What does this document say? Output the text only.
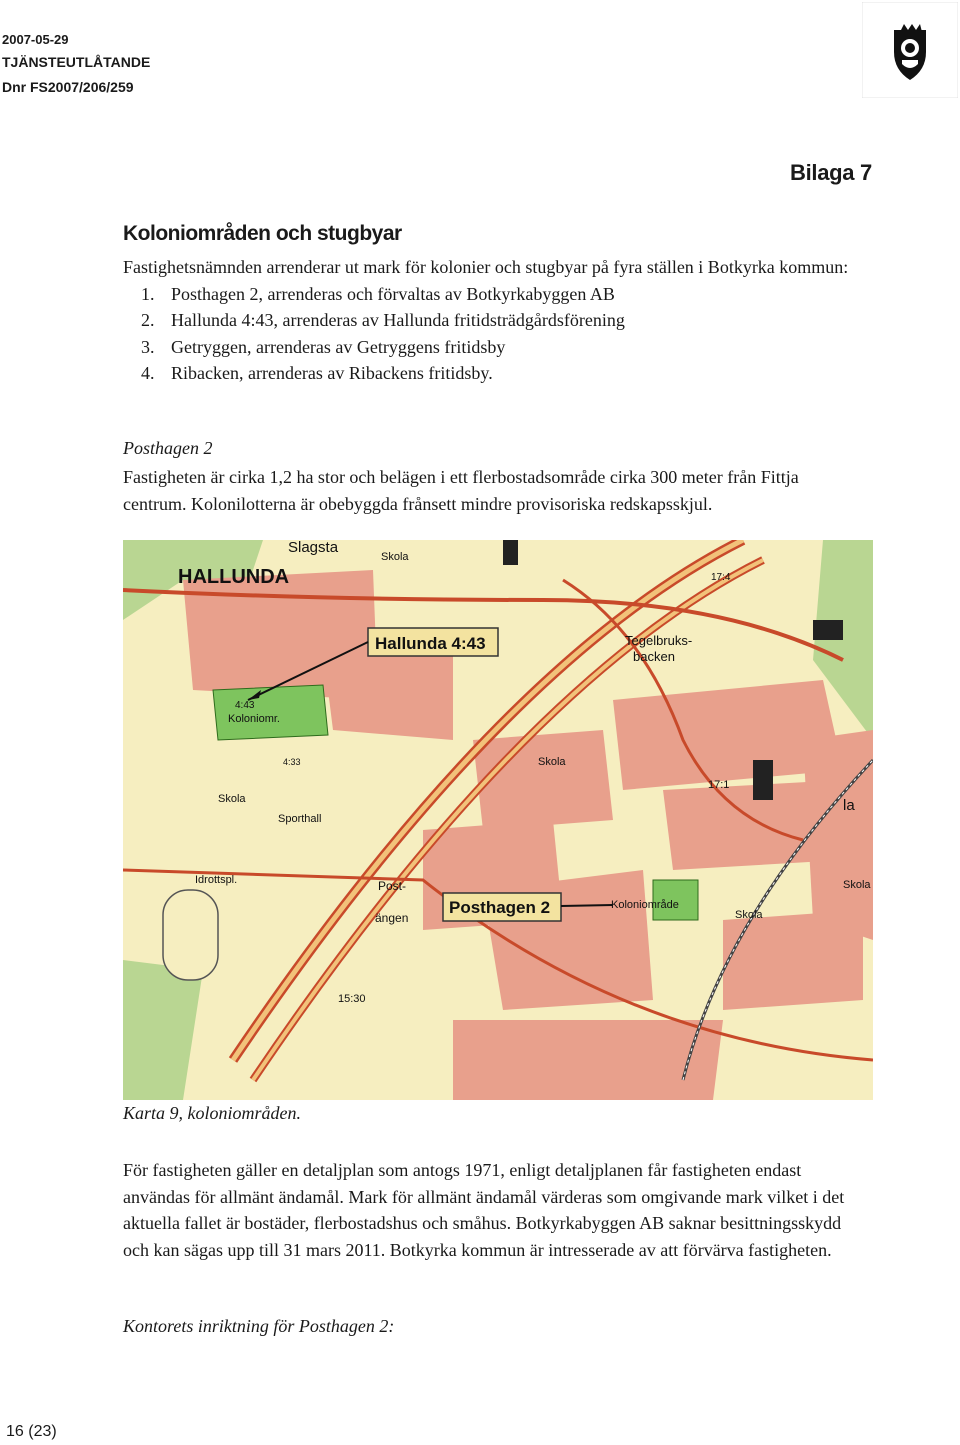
2007-05-29
TJÄNSTEUTLÅTANDE
Dnr FS2007/206/259
Bilaga 7
Koloniområden och stugbyar
Fastighetsnämnden arrenderar ut mark för kolonier och stugbyar på fyra ställen i Botkyrka kommun:
1. Posthagen 2, arrenderas och förvaltas av Botkyrkabyggen AB
2. Hallunda 4:43, arrenderas av Hallunda fritidsträdgårdsförening
3. Getryggen, arrenderas av Getryggens fritidsby
4. Ribacken, arrenderas av Ribackens fritidsby.
Posthagen 2
Fastigheten är cirka 1,2 ha stor och belägen i ett flerbostadsområde cirka 300 meter från Fittja centrum. Kolonilotterna är obebyggda frånsett mindre provisoriska redskapsskjul.
Slagsta
HALLUNDA
Skola
Hallunda 4:43	Tegelbruks-
backen
4:43
Koloniomr.
4:33
Skola
Sporthall
Skola
17:1
17:4
Idrottspl.	Post-
ängen
Posthagen 2	Koloniområde
Skola
Skola
15:30
la
Karta 9, koloniområden.
För fastigheten gäller en detaljplan som antogs 1971, enligt detaljplanen får fastigheten endast användas för allmänt ändamål. Mark för allmänt ändamål värderas som omgivande mark vilket i det aktuella fallet är bostäder, flerbostadshus och småhus. Botkyrkabyggen AB saknar besittningsskydd och kan sägas upp till 31 mars 2011. Botkyrka kommun är intresserade av att förvärva fastigheten.
Kontorets inriktning för Posthagen 2:
16 (23)
